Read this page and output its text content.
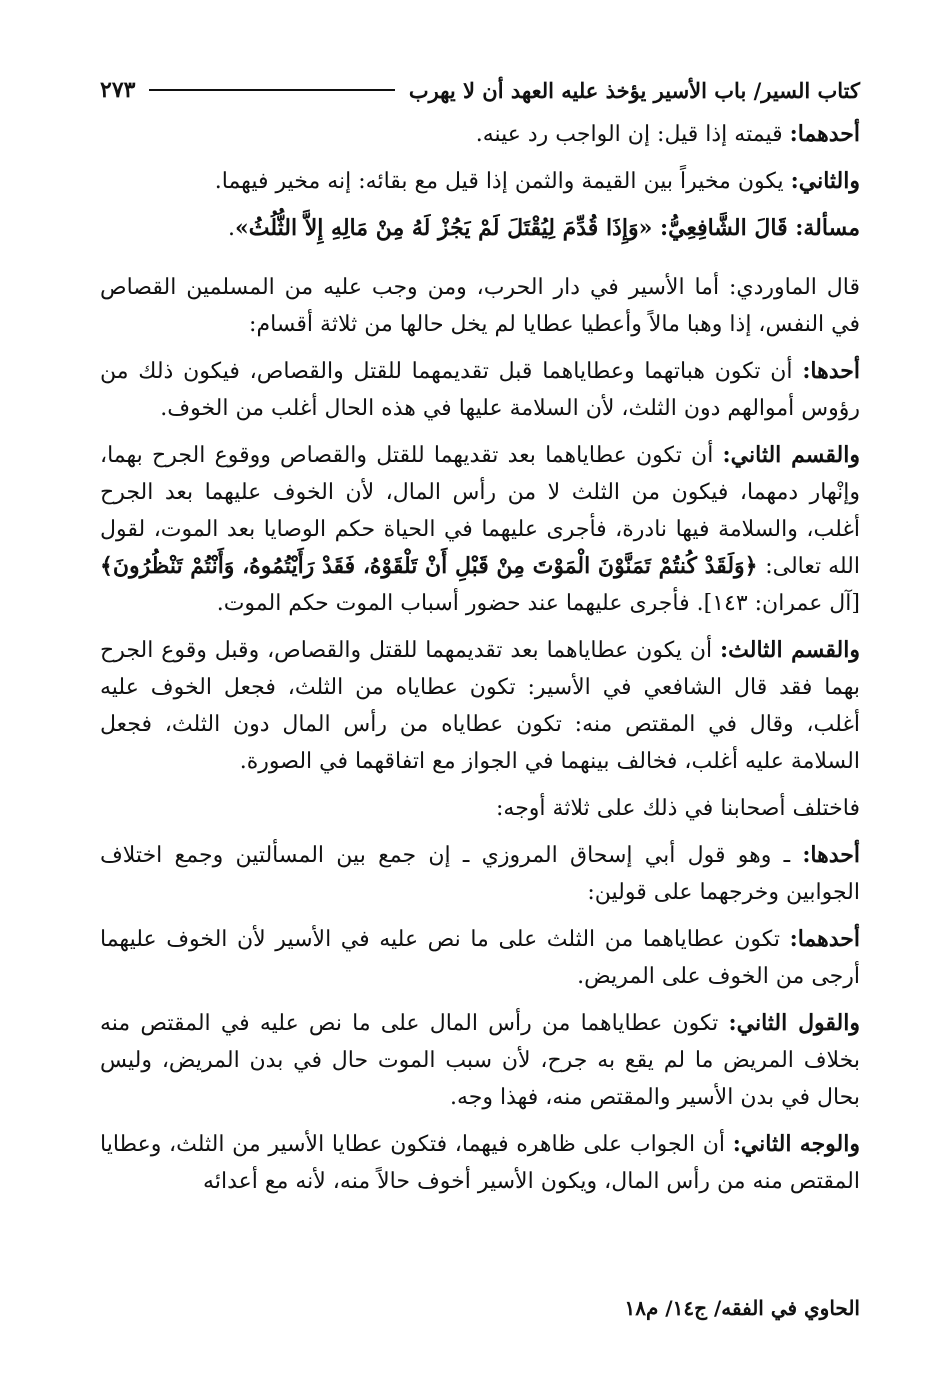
كتاب السير/ باب الأسير يؤخذ عليه العهد أن لا يهرب
٢٧٣

أحدهما: قيمته إذا قيل: إن الواجب رد عينه.

والثاني: يكون مخيراً بين القيمة والثمن إذا قيل مع بقائه: إنه مخير فيهما.

مسألة: قَالَ الشَّافِعِيُّ: «وَإِذَا قُدِّمَ لِيُقْتَلَ لَمْ يَجُزْ لَهُ مِنْ مَالِهِ إِلاَّ الثُّلُثُ».

قال الماوردي: أما الأسير في دار الحرب، ومن وجب عليه من المسلمين القصاص في النفس، إذا وهبا مالاً وأعطيا عطايا لم يخل حالها من ثلاثة أقسام:

أحدها: أن تكون هباتهما وعطاياهما قبل تقديمهما للقتل والقصاص، فيكون ذلك من رؤوس أموالهم دون الثلث، لأن السلامة عليها في هذه الحال أغلب من الخوف.

والقسم الثاني: أن تكون عطاياهما بعد تقديهما للقتل والقصاص ووقوع الجرح بهما، وإنْهار دمهما، فيكون من الثلث لا من رأس المال، لأن الخوف عليهما بعد الجرح أغلب، والسلامة فيها نادرة، فأجرى عليهما في الحياة حكم الوصايا بعد الموت، لقول الله تعالى: ﴿وَلَقَدْ كُنتُمْ تَمَنَّوْنَ الْمَوْتَ مِنْ قَبْلِ أَنْ تَلْقَوْهُ، فَقَدْ رَأَيْتُمُوهُ، وَأَنْتُمْ تَنْظُرُونَ﴾ [آل عمران: ١٤٣]. فأجرى عليهما عند حضور أسباب الموت حكم الموت.

والقسم الثالث: أن يكون عطاياهما بعد تقديمهما للقتل والقصاص، وقبل وقوع الجرح بهما فقد قال الشافعي في الأسير: تكون عطاياه من الثلث، فجعل الخوف عليه أغلب، وقال في المقتص منه: تكون عطاياه من رأس المال دون الثلث، فجعل السلامة عليه أغلب، فخالف بينهما في الجواز مع اتفاقهما في الصورة.

فاختلف أصحابنا في ذلك على ثلاثة أوجه:

أحدها: ـ وهو قول أبي إسحاق المروزي ـ إن جمع بين المسألتين وجمع اختلاف الجوابين وخرجهما على قولين:

أحدهما: تكون عطاياهما من الثلث على ما نص عليه في الأسير لأن الخوف عليهما أرجى من الخوف على المريض.

والقول الثاني: تكون عطاياهما من رأس المال على ما نص عليه في المقتص منه بخلاف المريض ما لم يقع به جرح، لأن سبب الموت حال في بدن المريض، وليس بحال في بدن الأسير والمقتص منه، فهذا وجه.

والوجه الثاني: أن الجواب على ظاهره فيهما، فتكون عطايا الأسير من الثلث، وعطايا المقتص منه من رأس المال، ويكون الأسير أخوف حالاً منه، لأنه مع أعدائه

الحاوي في الفقه/ ج١٤/ م١٨
